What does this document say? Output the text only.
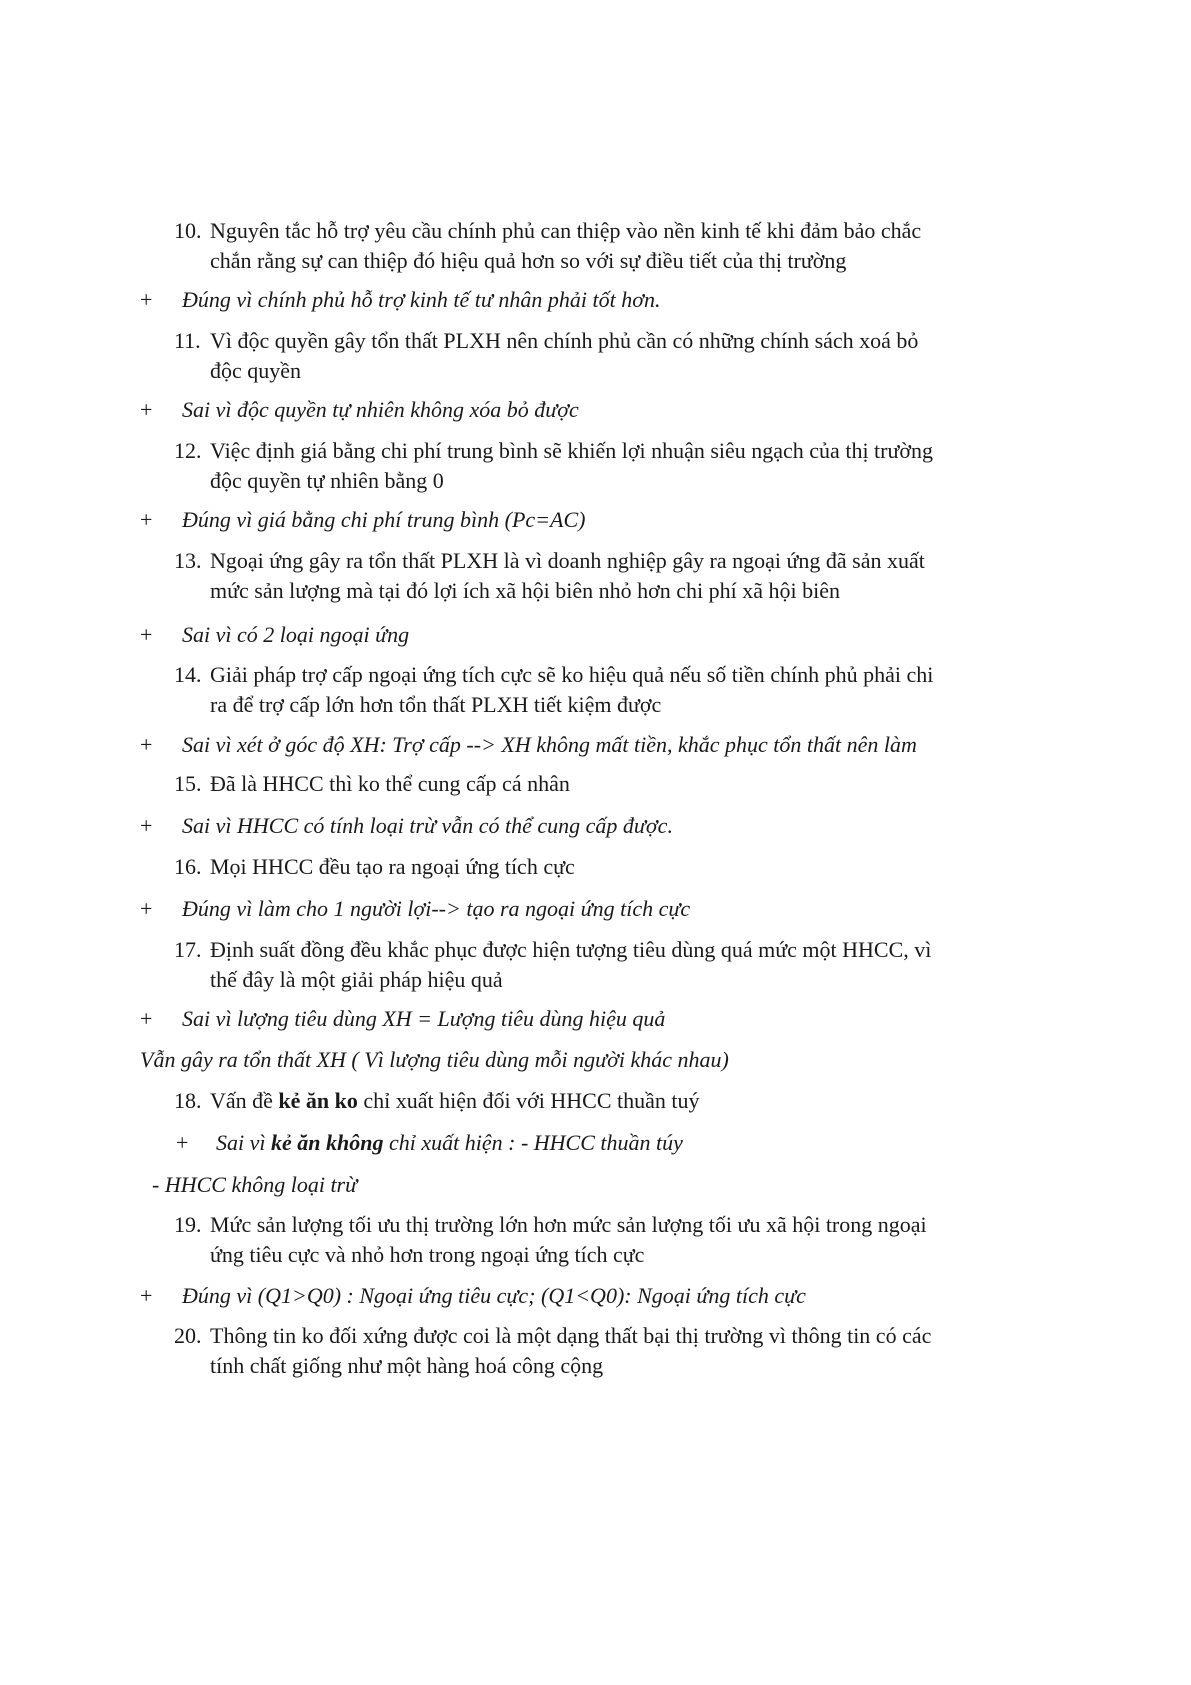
10. Nguyên tắc hỗ trợ yêu cầu chính phủ can thiệp vào nền kinh tế khi đảm bảo chắc
chắn rằng sự can thiệp đó hiệu quả hơn so với sự điều tiết của thị trường
+ Đúng vì chính phủ hỗ trợ kinh tế tư nhân phải tốt hơn.
11. Vì độc quyền gây tổn thất PLXH nên chính phủ cần có những chính sách xoá bỏ
độc quyền
+ Sai vì độc quyền tự nhiên không xóa bỏ được
12. Việc định giá bằng chi phí trung bình sẽ khiến lợi nhuận siêu ngạch của thị trường
độc quyền tự nhiên bằng 0
+ Đúng vì giá bằng chi phí trung bình (Pc=AC)
13. Ngoại ứng gây ra tổn thất PLXH là vì doanh nghiệp gây ra ngoại ứng đã sản xuất
mức sản lượng mà tại đó lợi ích xã hội biên nhỏ hơn chi phí xã hội biên
+ Sai vì có 2 loại ngoại ứng
14. Giải pháp trợ cấp ngoại ứng tích cực sẽ ko hiệu quả nếu số tiền chính phủ phải chi
ra để trợ cấp lớn hơn tổn thất PLXH tiết kiệm được
+ Sai vì xét ở góc độ XH: Trợ cấp --> XH không mất tiền, khắc phục tổn thất nên làm
15. Đã là HHCC thì ko thể cung cấp cá nhân
+ Sai vì HHCC có tính loại trừ vẫn có thể cung cấp được.
16. Mọi HHCC đều tạo ra ngoại ứng tích cực
+ Đúng vì làm cho 1 người lợi--> tạo ra ngoại ứng tích cực
17. Định suất đồng đều khắc phục được hiện tượng tiêu dùng quá mức một HHCC, vì
thế đây là một giải pháp hiệu quả
+ Sai vì lượng tiêu dùng XH = Lượng tiêu dùng hiệu quả
Vẫn gây ra tổn thất XH ( Vì lượng tiêu dùng mỗi người khác nhau)
18. Vấn đề kẻ ăn ko chỉ xuất hiện đối với HHCC thuần tuý
+ Sai vì kẻ ăn không chỉ xuất hiện : - HHCC thuần túy
- HHCC không loại trừ
19. Mức sản lượng tối ưu thị trường lớn hơn mức sản lượng tối ưu xã hội trong ngoại
ứng tiêu cực và nhỏ hơn trong ngoại ứng tích cực
+ Đúng vì (Q1>Q0) : Ngoại ứng tiêu cực; (Q1<Q0): Ngoại ứng tích cực
20. Thông tin ko đối xứng được coi là một dạng thất bại thị trường vì thông tin có các
tính chất giống như một hàng hoá công cộng
